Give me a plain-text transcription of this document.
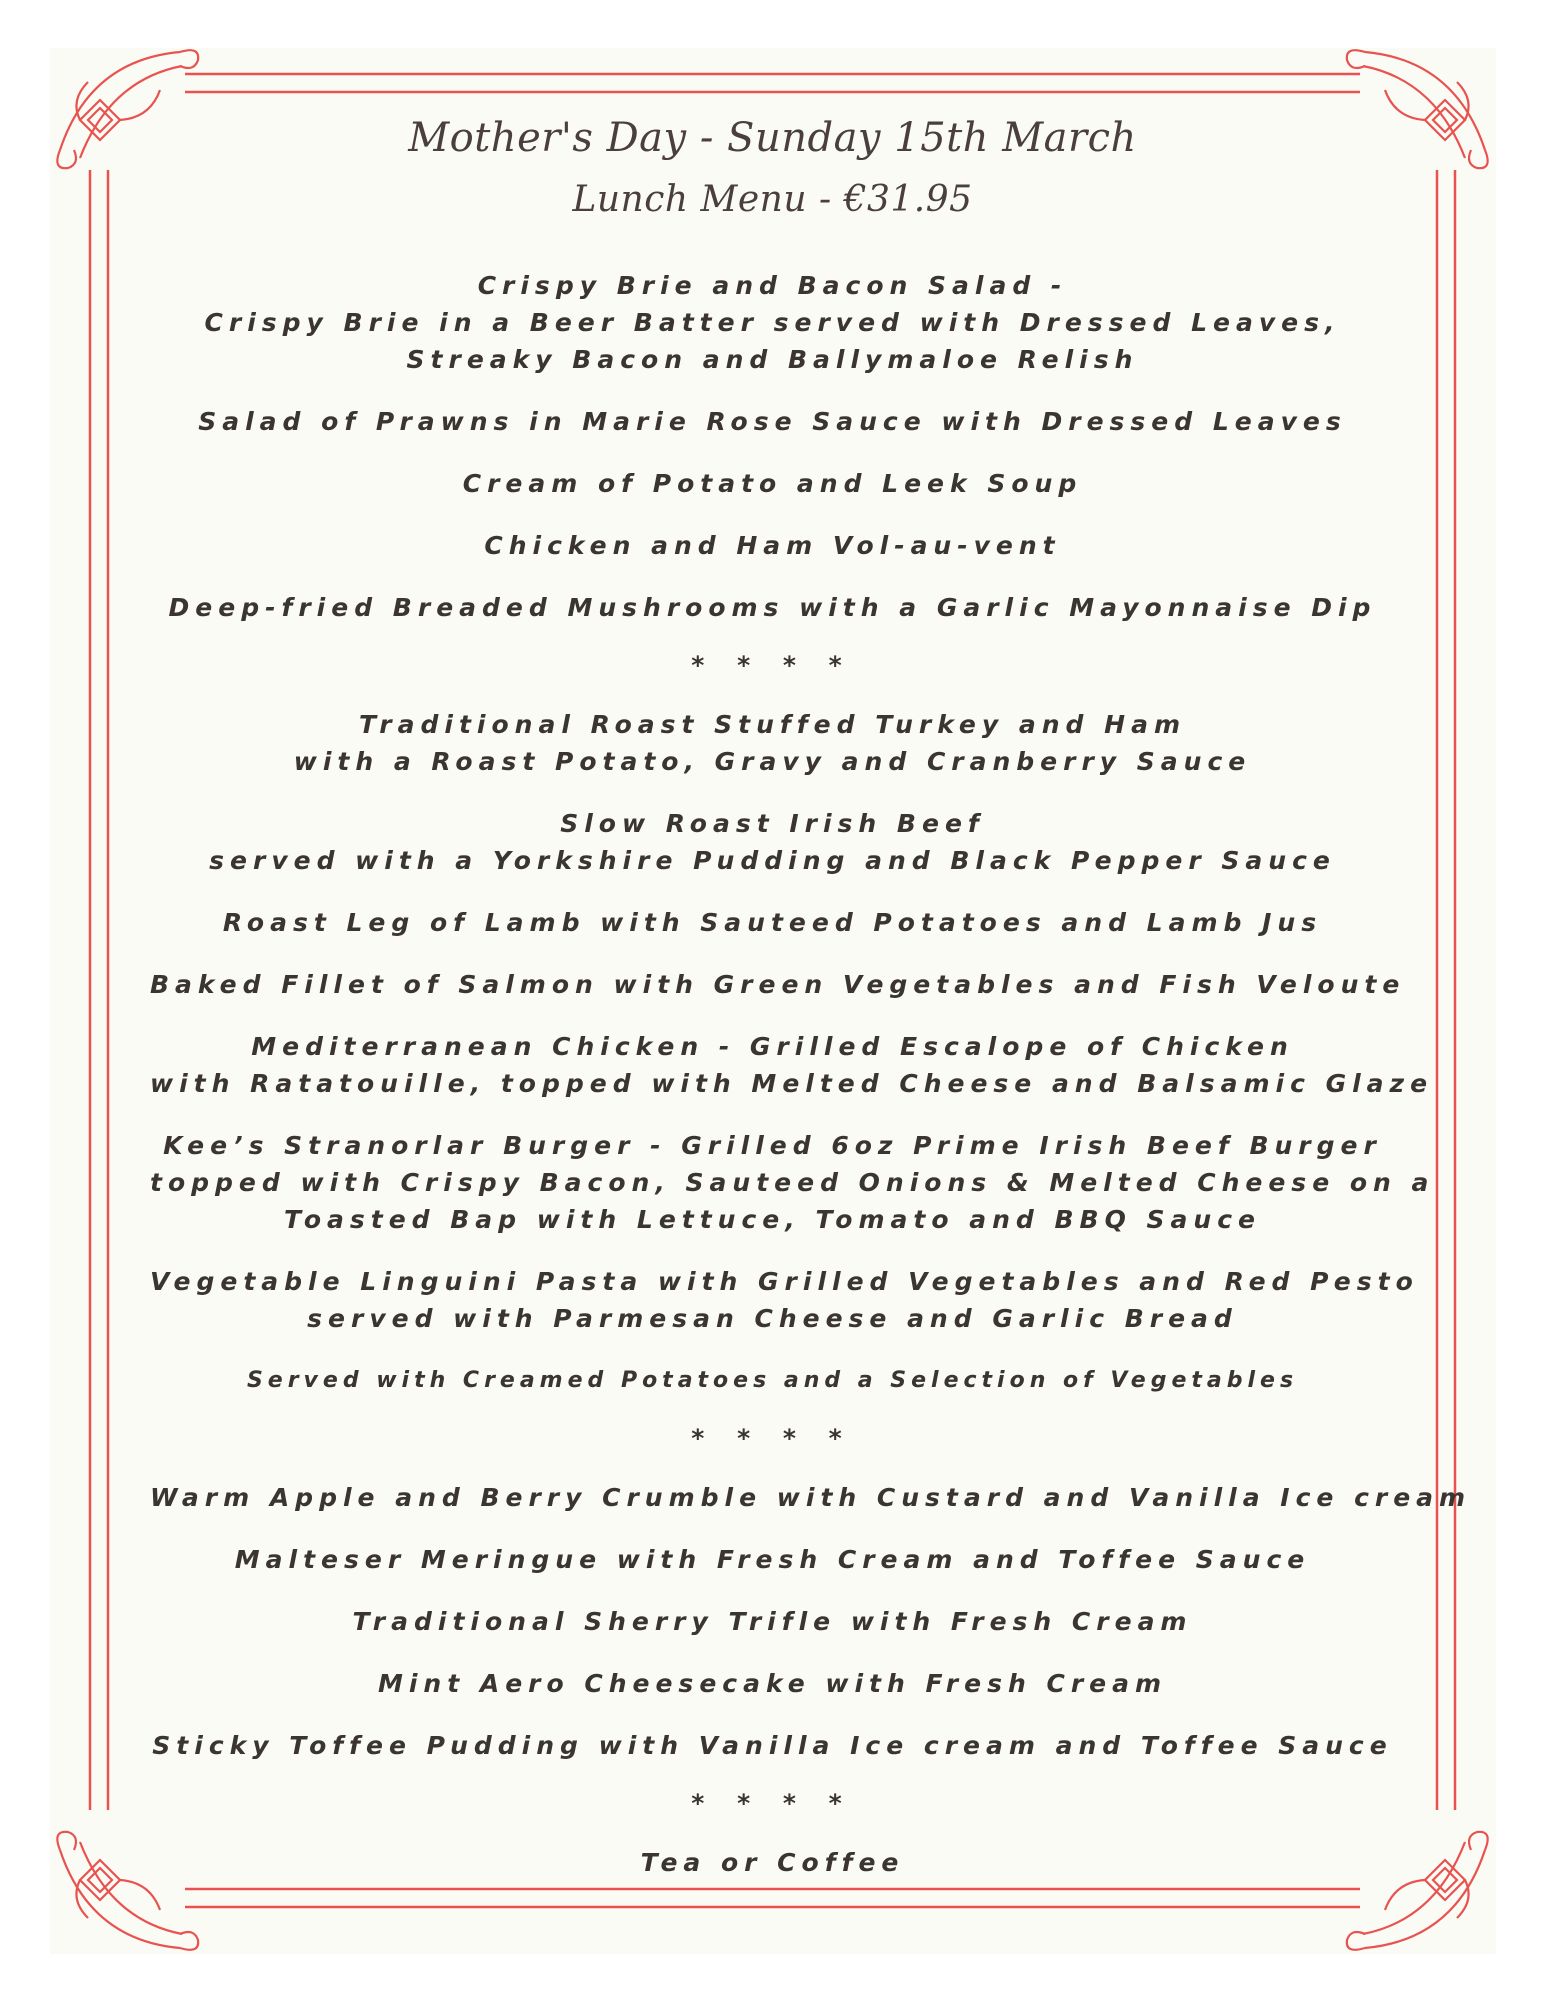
Mother's Day - Sunday 15th March
Lunch Menu - €31.95
Crispy Brie and Bacon Salad -
Crispy Brie in a Beer Batter served with Dressed Leaves,
Streaky Bacon and Ballymaloe Relish
Salad of Prawns in Marie Rose Sauce with Dressed Leaves
Cream of Potato and Leek Soup
Chicken and Ham Vol-au-vent
Deep-fried Breaded Mushrooms with a Garlic Mayonnaise Dip
* * * *
Traditional Roast Stuffed Turkey and Ham
with a Roast Potato, Gravy and Cranberry Sauce
Slow Roast Irish Beef
served with a Yorkshire Pudding and Black Pepper Sauce
Roast Leg of Lamb with Sauteed Potatoes and Lamb Jus
Baked Fillet of Salmon with Green Vegetables and Fish Veloute
Mediterranean Chicken - Grilled Escalope of Chicken
with Ratatouille, topped with Melted Cheese and Balsamic Glaze
Kee’s Stranorlar Burger - Grilled 6oz Prime Irish Beef Burger
topped with Crispy Bacon, Sauteed Onions & Melted Cheese on a
Toasted Bap with Lettuce, Tomato and BBQ Sauce
Vegetable Linguini Pasta with Grilled Vegetables and Red Pesto
served with Parmesan Cheese and Garlic Bread
Served with Creamed Potatoes and a Selection of Vegetables
* * * *
Warm Apple and Berry Crumble with Custard and Vanilla Ice cream
Malteser Meringue with Fresh Cream and Toffee Sauce
Traditional Sherry Trifle with Fresh Cream
Mint Aero Cheesecake with Fresh Cream
Sticky Toffee Pudding with Vanilla Ice cream and Toffee Sauce
* * * *
Tea or Coffee
